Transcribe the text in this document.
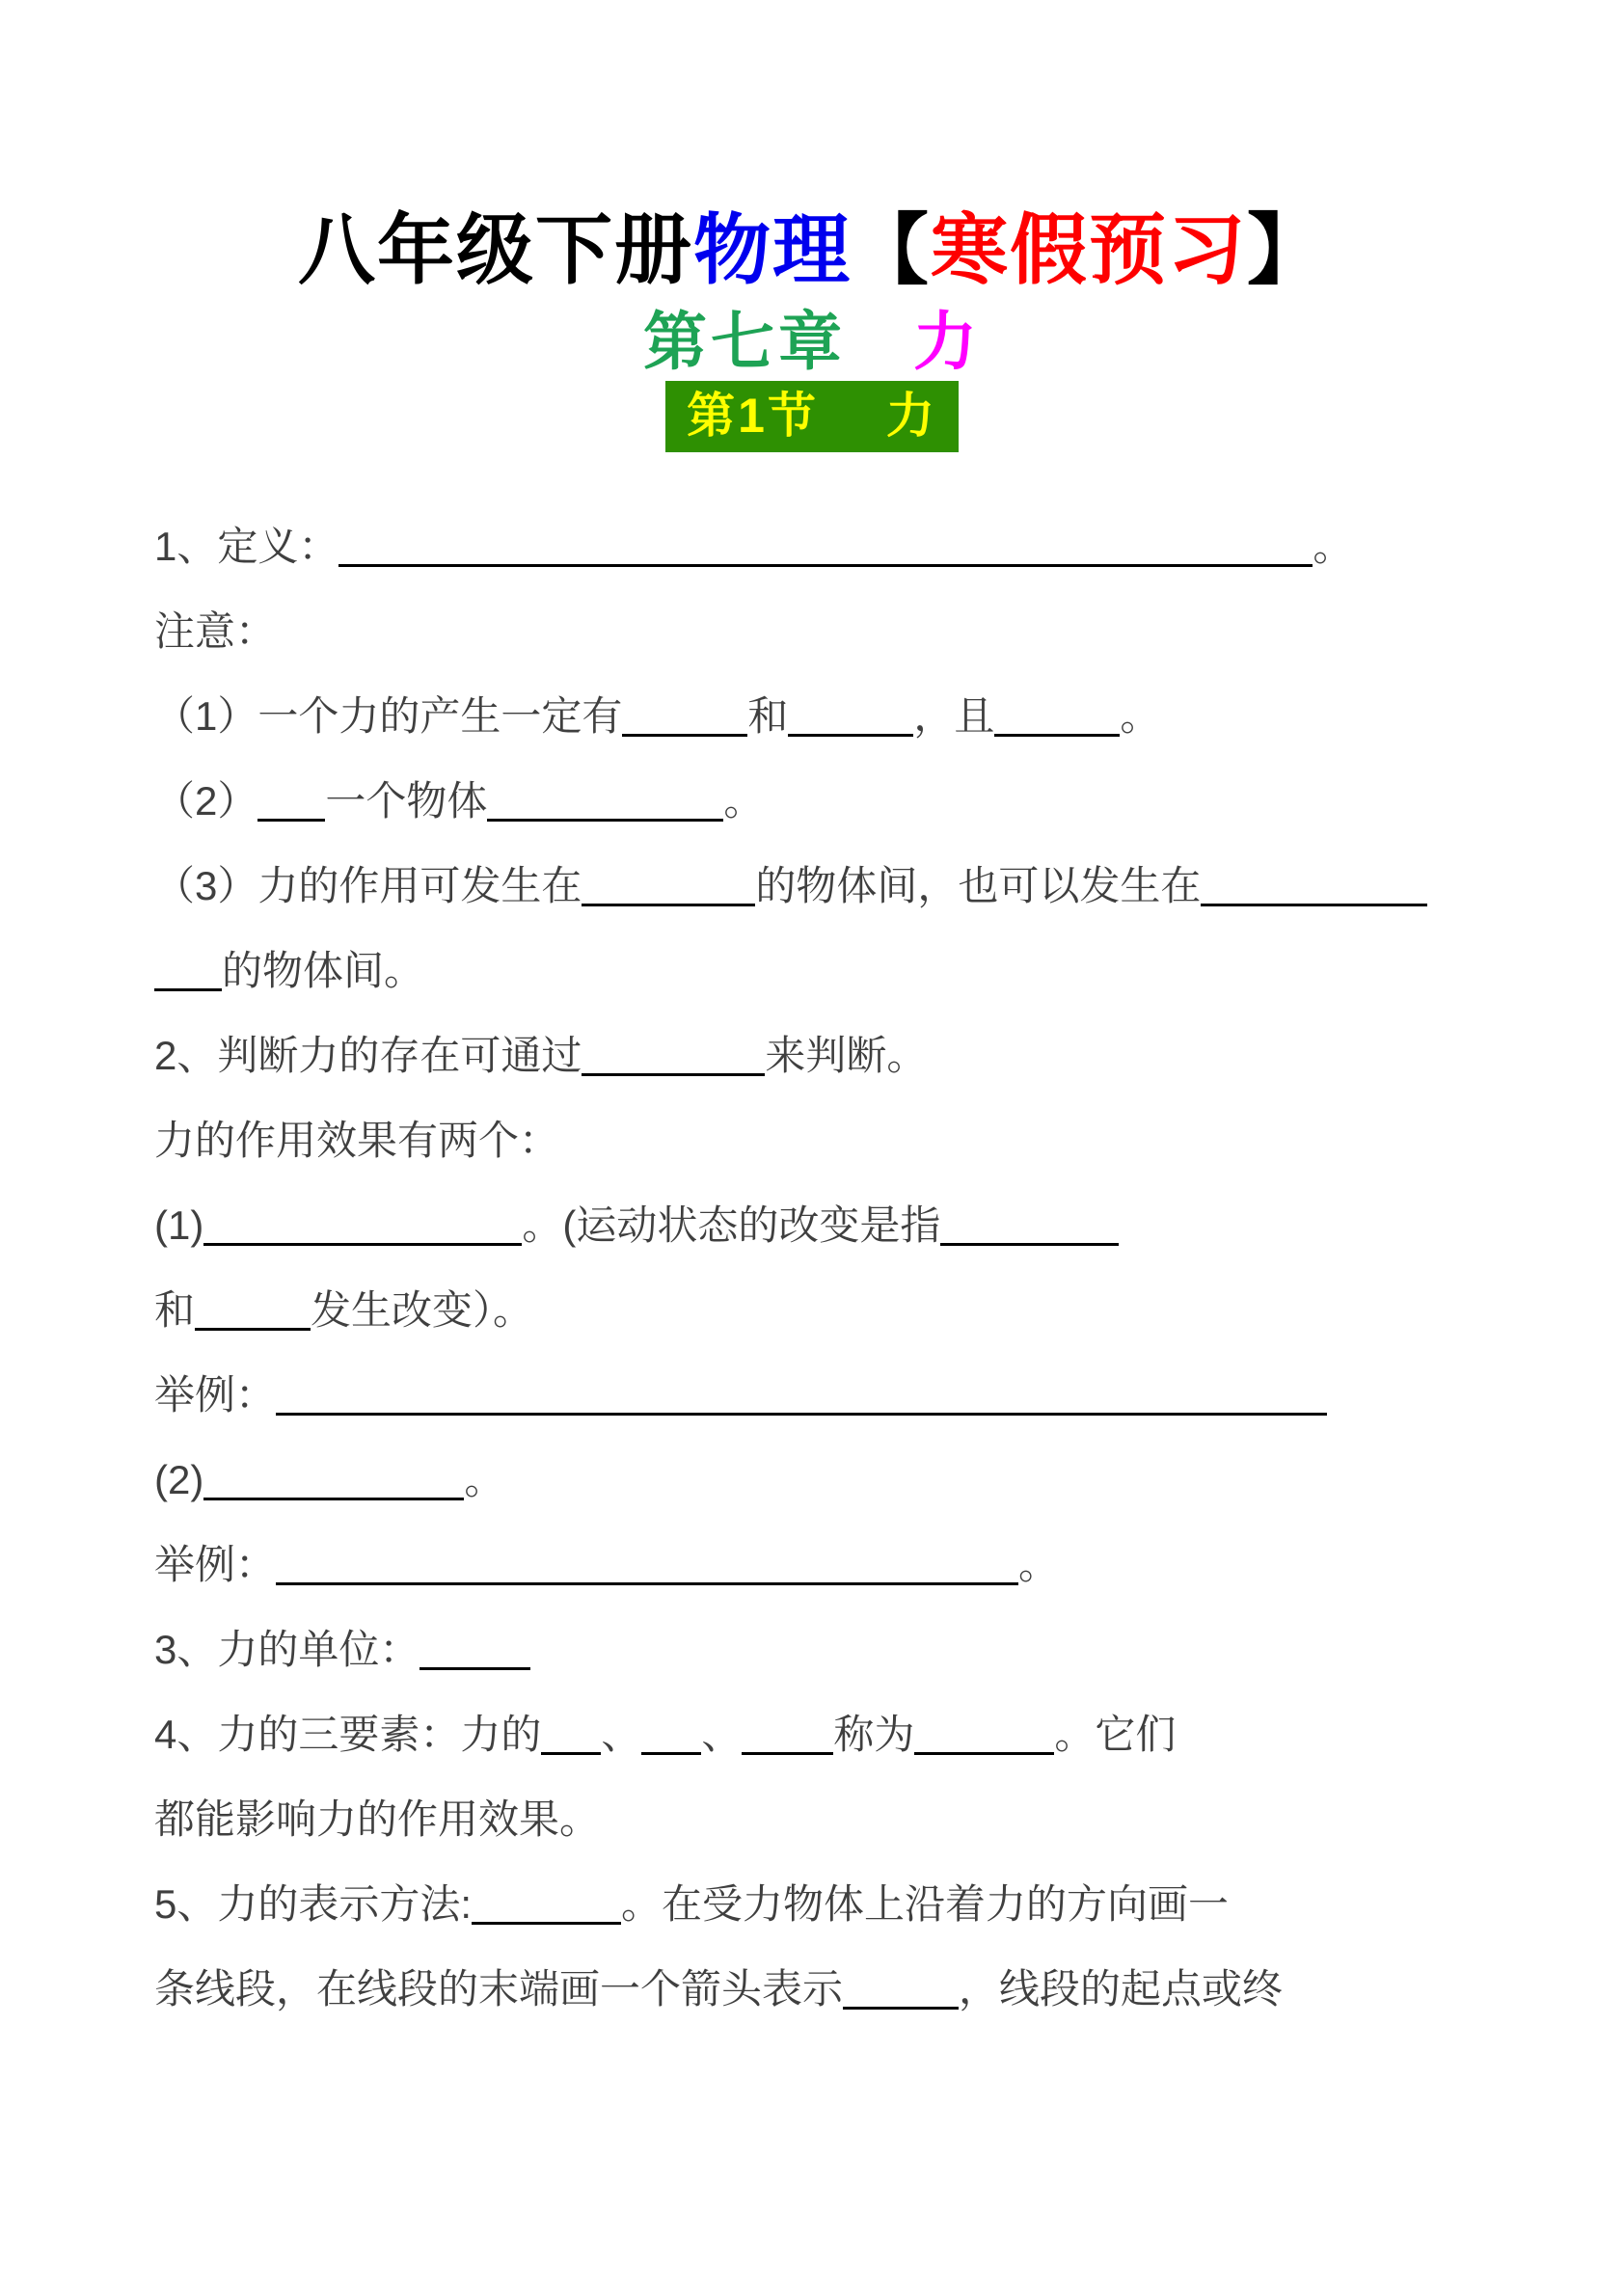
八年级下册物理【寒假预习】
第七章　力
第1节　 力
1、定义：	。
注意：
（1）一个力的产生一定有	和	，且	。
（2） 一个物体	。
（3）力的作用可发生在	的物体间，也可以发生在
的物体间。
2、判断力的存在可通过	来判断。
力的作用效果有两个：
(1)	。(运动状态的改变是指
和	发生改变）。
举例：
(2)	。
举例：	。
3、力的单位：
4、力的三要素：力的 、 、 称为	。它们
都能影响力的作用效果。
5、力的表示方法:	。在受力物体上沿着力的方向画一
条线段，在线段的末端画一个箭头表示	，线段的起点或终
